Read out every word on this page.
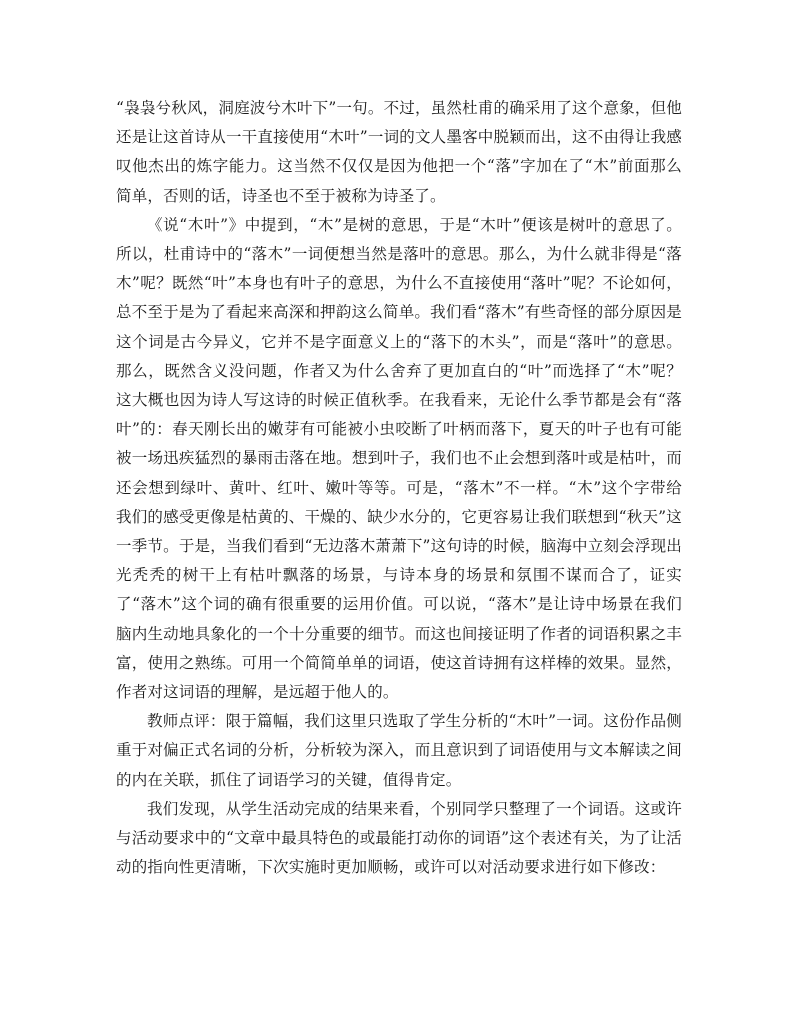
“袅袅兮秋风，洞庭波兮木叶下”一句。不过，虽然杜甫的确采用了这个意象，但他还是让这首诗从一干直接使用“木叶”一词的文人墨客中脱颖而出，这不由得让我感叹他杰出的炼字能力。这当然不仅仅是因为他把一个“落”字加在了“木”前面那么简单，否则的话，诗圣也不至于被称为诗圣了。

《说“木叶”》中提到，“木”是树的意思，于是“木叶”便该是树叶的意思了。所以，杜甫诗中的“落木”一词便想当然是落叶的意思。那么，为什么就非得是“落木”呢？既然“叶”本身也有叶子的意思，为什么不直接使用“落叶”呢？不论如何，总不至于是为了看起来高深和押韵这么简单。我们看“落木”有些奇怪的部分原因是这个词是古今异义，它并不是字面意义上的“落下的木头”，而是“落叶”的意思。那么，既然含义没问题，作者又为什么舍弃了更加直白的“叶”而选择了“木”呢？这大概也因为诗人写这诗的时候正值秋季。在我看来，无论什么季节都是会有“落叶”的：春天刚长出的嫩芽有可能被小虫咬断了叶柄而落下，夏天的叶子也有可能被一场迅疾猛烈的暴雨击落在地。想到叶子，我们也不止会想到落叶或是枯叶，而还会想到绿叶、黄叶、红叶、嫩叶等等。可是，“落木”不一样。“木”这个字带给我们的感受更像是枯黄的、干燥的、缺少水分的，它更容易让我们联想到“秋天”这一季节。于是，当我们看到“无边落木萧萧下”这句诗的时候，脑海中立刻会浮现出光秃秃的树干上有枯叶飘落的场景，与诗本身的场景和氛围不谋而合了，证实了“落木”这个词的确有很重要的运用价值。可以说，“落木”是让诗中场景在我们脑内生动地具象化的一个十分重要的细节。而这也间接证明了作者的词语积累之丰富，使用之熟练。可用一个简简单单的词语，使这首诗拥有这样棒的效果。显然，作者对这词语的理解，是远超于他人的。

教师点评：限于篇幅，我们这里只选取了学生分析的“木叶”一词。这份作品侧重于对偏正式名词的分析，分析较为深入，而且意识到了词语使用与文本解读之间的内在关联，抓住了词语学习的关键，值得肯定。

我们发现，从学生活动完成的结果来看，个别同学只整理了一个词语。这或许与活动要求中的“文章中最具特色的或最能打动你的词语”这个表述有关，为了让活动的指向性更清晰，下次实施时更加顺畅，或许可以对活动要求进行如下修改：
